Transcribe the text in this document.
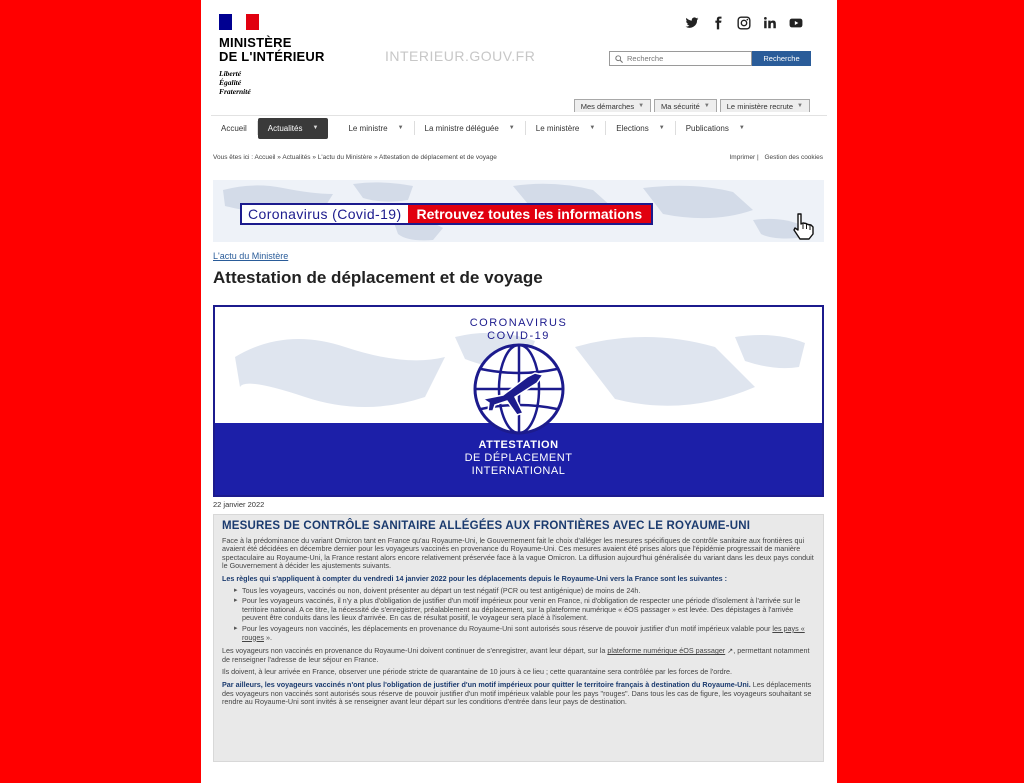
MINISTÈRE
DE L'INTÉRIEUR
Liberté
Égalité
Fraternité
INTERIEUR.GOUV.FR	Recherche	Recherche
Mes démarches ▼ Ma sécurité ▼ Le ministère recrute ▼
Accueil	Actualités ▼	Le ministre ▼	La ministre déléguée ▼	Le ministère ▼	Elections ▼	Publications ▼
Vous êtes ici : Accueil » Actualités » L'actu du Ministère » Attestation de déplacement et de voyage	Imprimer | Gestion des cookies
Coronavirus (Covid-19)	Retrouvez toutes les informations
L'actu du Ministère
Attestation de déplacement et de voyage
CORONAVIRUS
COVID-19
ATTESTATION
DE DÉPLACEMENT
INTERNATIONAL
22 janvier 2022
MESURES DE CONTRÔLE SANITAIRE ALLÉGÉES AUX FRONTIÈRES AVEC LE ROYAUME-UNI

Face à la prédominance du variant Omicron tant en France qu'au Royaume-Uni, le Gouvernement fait le choix d'alléger les mesures spécifiques de contrôle sanitaire aux frontières qui avaient été décidées en décembre dernier pour les voyageurs vaccinés en provenance du Royaume-Uni. Ces mesures avaient été prises alors que l'épidémie progressait de manière spectaculaire au Royaume-Uni, la France restant alors encore relativement préservée face à la vague Omicron. La diffusion aujourd'hui généralisée du variant dans les deux pays conduit le Gouvernement à décider les ajustements suivants.

Les règles qui s'appliquent à compter du vendredi 14 janvier 2022 pour les déplacements depuis le Royaume-Uni vers la France sont les suivantes :

▸ Tous les voyageurs, vaccinés ou non, doivent présenter au départ un test négatif (PCR ou test antigénique) de moins de 24h.
▸ Pour les voyageurs vaccinés, il n'y a plus d'obligation de justifier d'un motif impérieux pour venir en France, ni d'obligation de respecter une période d'isolement à l'arrivée sur le territoire national. A ce titre, la nécessité de s'enregistrer, préalablement au déplacement, sur la plateforme numérique « éOS passager » est levée. Des dépistages à l'arrivée peuvent être conduits dans les lieux d'arrivée. En cas de résultat positif, le voyageur sera placé à l'isolement.
▸ Pour les voyageurs non vaccinés, les déplacements en provenance du Royaume-Uni sont autorisés sous réserve de pouvoir justifier d'un motif impérieux valable pour les pays « rouges ».

Les voyageurs non vaccinés en provenance du Royaume-Uni doivent continuer de s'enregistrer, avant leur départ, sur la plateforme numérique éOS passager ↗, permettant notamment de renseigner l'adresse de leur séjour en France.

Ils doivent, à leur arrivée en France, observer une période stricte de quarantaine de 10 jours à ce lieu ; cette quarantaine sera contrôlée par les forces de l'ordre.

Par ailleurs, les voyageurs vaccinés n'ont plus l'obligation de justifier d'un motif impérieux pour quitter le territoire français à destination du Royaume-Uni. Les déplacements des voyageurs non vaccinés sont autorisés sous réserve de pouvoir justifier d'un motif impérieux valable pour les pays "rouges". Dans tous les cas de figure, les voyageurs souhaitant se rendre au Royaume-Uni sont invités à se renseigner avant leur départ sur les conditions d'entrée dans leur pays de destination.
